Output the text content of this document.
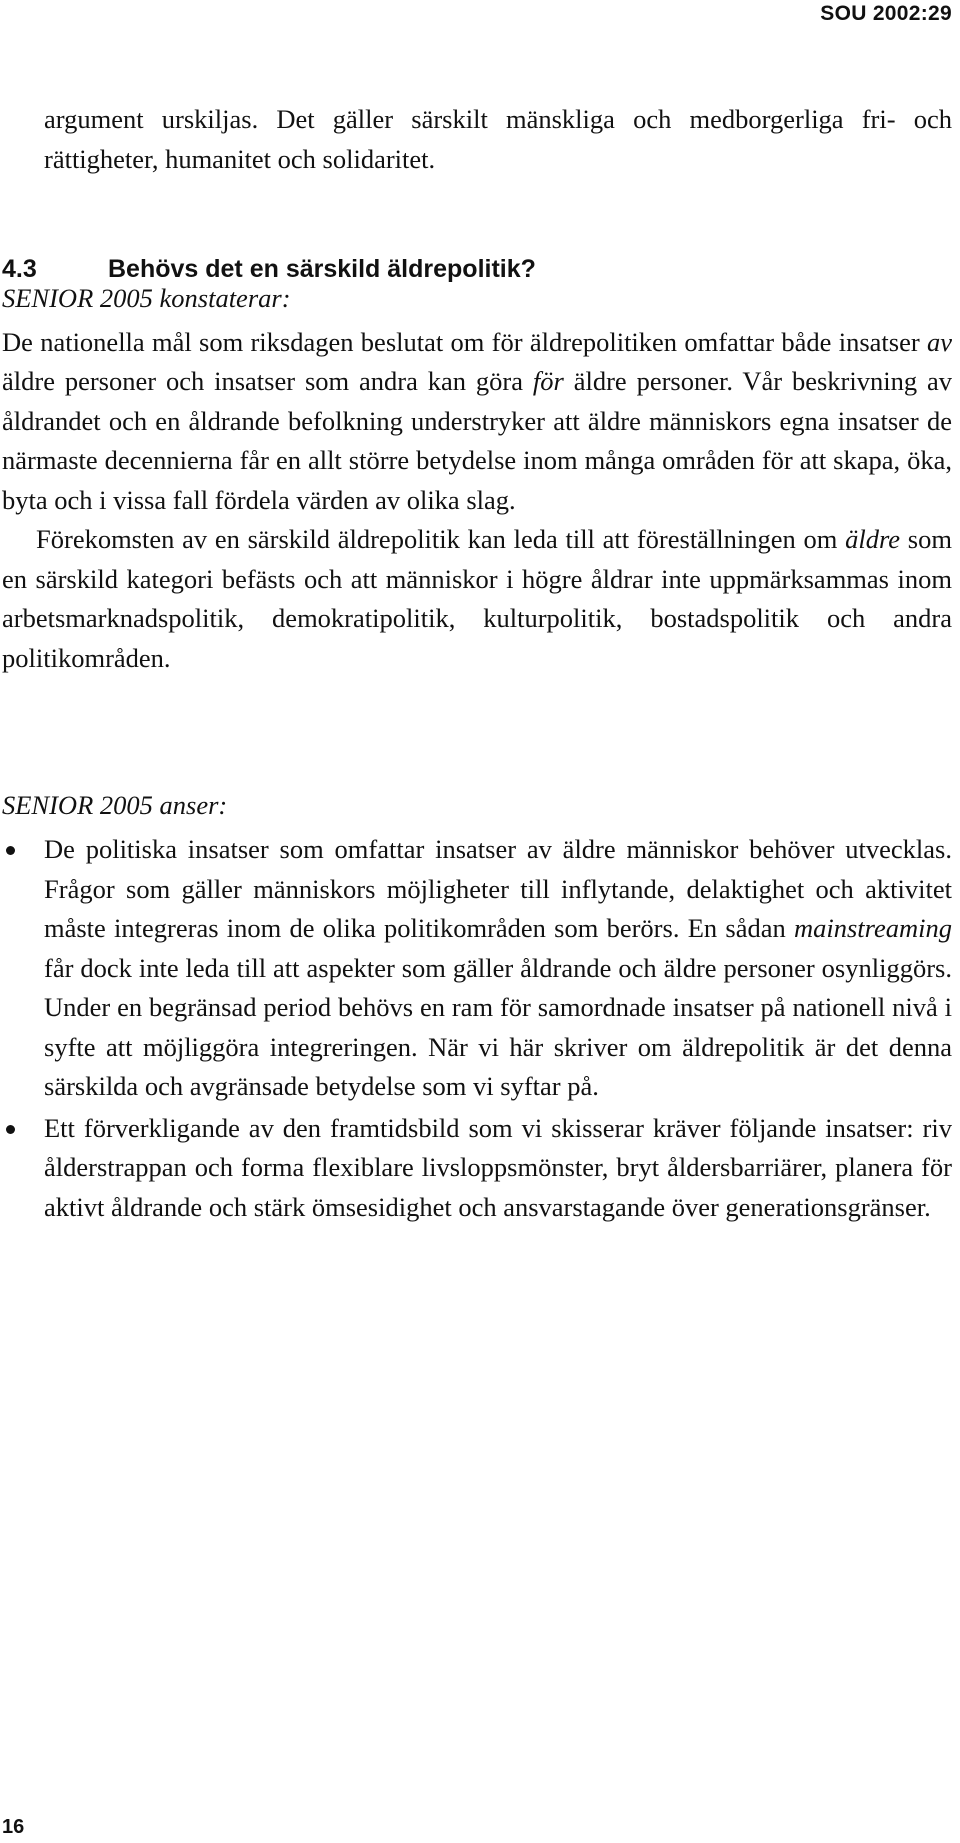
SOU 2002:29

argument urskiljas. Det gäller särskilt mänskliga och medborgerliga fri- och rättigheter, humanitet och solidaritet.

4.3	Behövs det en särskild äldrepolitik?

SENIOR 2005 konstaterar:

De nationella mål som riksdagen beslutat om för äldrepolitiken omfattar både insatser av äldre personer och insatser som andra kan göra för äldre personer. Vår beskrivning av åldrandet och en åldrande befolkning understryker att äldre människors egna insatser de närmaste decennierna får en allt större betydelse inom många områden för att skapa, öka, byta och i vissa fall fördela värden av olika slag.

Förekomsten av en särskild äldrepolitik kan leda till att föreställningen om äldre som en särskild kategori befästs och att människor i högre åldrar inte uppmärksammas inom arbetsmarknadspolitik, demokratipolitik, kulturpolitik, bostadspolitik och andra politikområden.

SENIOR 2005 anser:

De politiska insatser som omfattar insatser av äldre människor behöver utvecklas. Frågor som gäller människors möjligheter till inflytande, delaktighet och aktivitet måste integreras inom de olika politikområden som berörs. En sådan mainstreaming får dock inte leda till att aspekter som gäller åldrande och äldre personer osynliggörs. Under en begränsad period behövs en ram för samordnade insatser på nationell nivå i syfte att möjliggöra integreringen. När vi här skriver om äldrepolitik är det denna särskilda och avgränsade betydelse som vi syftar på.
Ett förverkligande av den framtidsbild som vi skisserar kräver följande insatser: riv ålderstrappan och forma flexiblare livsloppsmönster, bryt åldersbarriärer, planera för aktivt åldrande och stärk ömsesidighet och ansvarstagande över generationsgränser.
16
